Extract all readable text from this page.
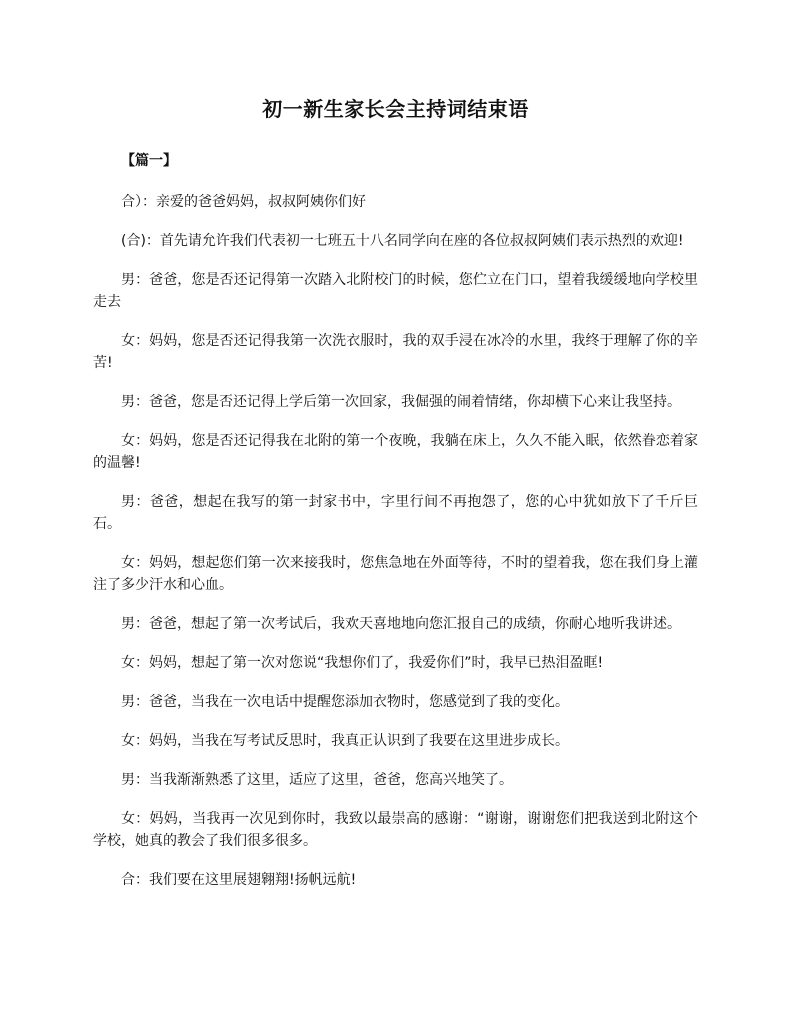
初一新生家长会主持词结束语
【篇一】

合）：亲爱的爸爸妈妈，叔叔阿姨你们好

(合)：首先请允许我们代表初一七班五十八名同学向在座的各位叔叔阿姨们表示热烈的欢迎!

男：爸爸，您是否还记得第一次踏入北附校门的时候，您伫立在门口，望着我缓缓地向学校里走去

女：妈妈，您是否还记得我第一次洗衣服时，我的双手浸在冰冷的水里，我终于理解了你的辛苦!

男：爸爸，您是否还记得上学后第一次回家，我倔强的闹着情绪，你却横下心来让我坚持。

女：妈妈，您是否还记得我在北附的第一个夜晚，我躺在床上，久久不能入眠，依然眷恋着家的温馨!

男：爸爸，想起在我写的第一封家书中，字里行间不再抱怨了，您的心中犹如放下了千斤巨石。

女：妈妈，想起您们第一次来接我时，您焦急地在外面等待，不时的望着我，您在我们身上灌注了多少汗水和心血。

男：爸爸，想起了第一次考试后，我欢天喜地地向您汇报自己的成绩，你耐心地听我讲述。

女：妈妈，想起了第一次对您说“我想你们了，我爱你们”时，我早已热泪盈眶!

男：爸爸，当我在一次电话中提醒您添加衣物时，您感觉到了我的变化。

女：妈妈，当我在写考试反思时，我真正认识到了我要在这里进步成长。

男：当我渐渐熟悉了这里，适应了这里，爸爸，您高兴地笑了。

女：妈妈，当我再一次见到你时，我致以最崇高的感谢：“谢谢，谢谢您们把我送到北附这个学校，她真的教会了我们很多很多。

合：我们要在这里展翅翱翔!扬帆远航!
